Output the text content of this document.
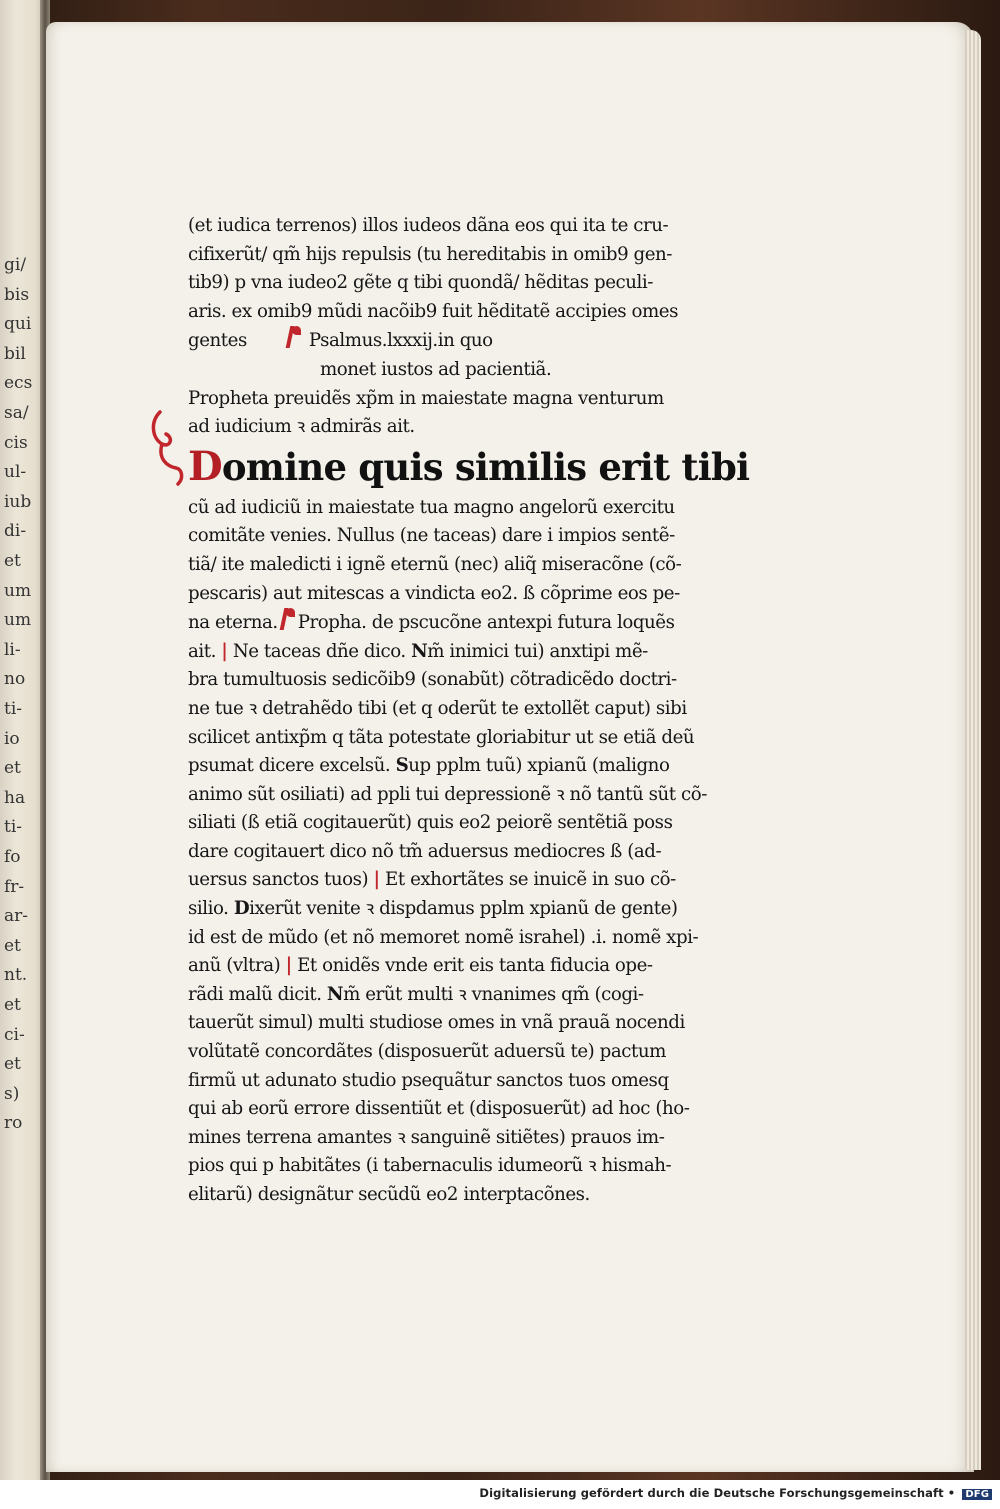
gi/
bis
qui
bil
ecs
sa/
cis
ul-
iub
di-
et
um
um
li-
no
ti-
io
et
ha
ti-
fo
fr-
ar-
et
nt.
et
ci-
et
s)
ro
(et iudica terrenos) illos iudeos dãna eos qui ita te cru-
cifixerũt/ qm̃ hijs repulsis (tu hereditabis in omib9 gen-
tib9) p vna iudeo2 gẽte q tibi quondã/ hẽditas peculi-
aris. ex omib9 mũdi nacõib9 fuit hẽditatẽ accipies omes
gentes	Psalmus.lxxxij.in quo
monet iustos ad pacientiã.
Propheta preuidẽs xp̃m in maiestate magna venturum
ad iudicium ꝛ admirãs ait.
Domine quis similis erit tibi
cũ ad iudiciũ in maiestate tua magno angelorũ exercitu
comitãte venies. Nullus (ne taceas) dare i impios sentẽ-
tiã/ ite maledicti i ignẽ eternũ (nec) aliq̃ miseracõne (cõ-
pescaris) aut mitescas a vindicta eo2. ß cõprime eos pe-
na eterna. Propha. de pscucõne antexpi futura loquẽs
ait. | Ne taceas dñe dico. Nm̃ inimici tui) anxtipi mẽ-
bra tumultuosis sedicõib9 (sonabũt) cõtradicẽdo doctri-
ne tue ꝛ detrahẽdo tibi (et q oderũt te extollẽt caput) sibi
scilicet antixp̃m q tãta potestate gloriabitur ut se etiã deũ
psumat dicere excelsũ. Sup pplm tuũ) xpianũ (maligno
animo sũt osiliati) ad ppli tui depressionẽ ꝛ nõ tantũ sũt cõ-
siliati (ß etiã cogitauerũt) quis eo2 peiorẽ sentẽtiã poss
dare cogitauert dico nõ tm̃ aduersus mediocres ß (ad-
uersus sanctos tuos) | Et exhortãtes se inuicẽ in suo cõ-
silio. Dixerũt venite ꝛ dispdamus pplm xpianũ de gente)
id est de mũdo (et nõ memoret nomẽ israhel) .i. nomẽ xpi-
anũ (vltra) | Et onidẽs vnde erit eis tanta fiducia ope-
rãdi malũ dicit. Nm̃ erũt multi ꝛ vnanimes qm̃ (cogi-
tauerũt simul) multi studiose omes in vnã prauã nocendi
volũtatẽ concordãtes (disposuerũt aduersũ te) pactum
firmũ ut adunato studio psequãtur sanctos tuos omesq
qui ab eorũ errore dissentiũt et (disposuerũt) ad hoc (ho-
mines terrena amantes ꝛ sanguinẽ sitiẽtes) prauos im-
pios qui p habitãtes (i tabernaculis idumeorũ ꝛ hismah-
elitarũ) designãtur secũdũ eo2 interptacõnes.
Digitalisierung gefördert durch die Deutsche Forschungsgemeinschaft • DFG
